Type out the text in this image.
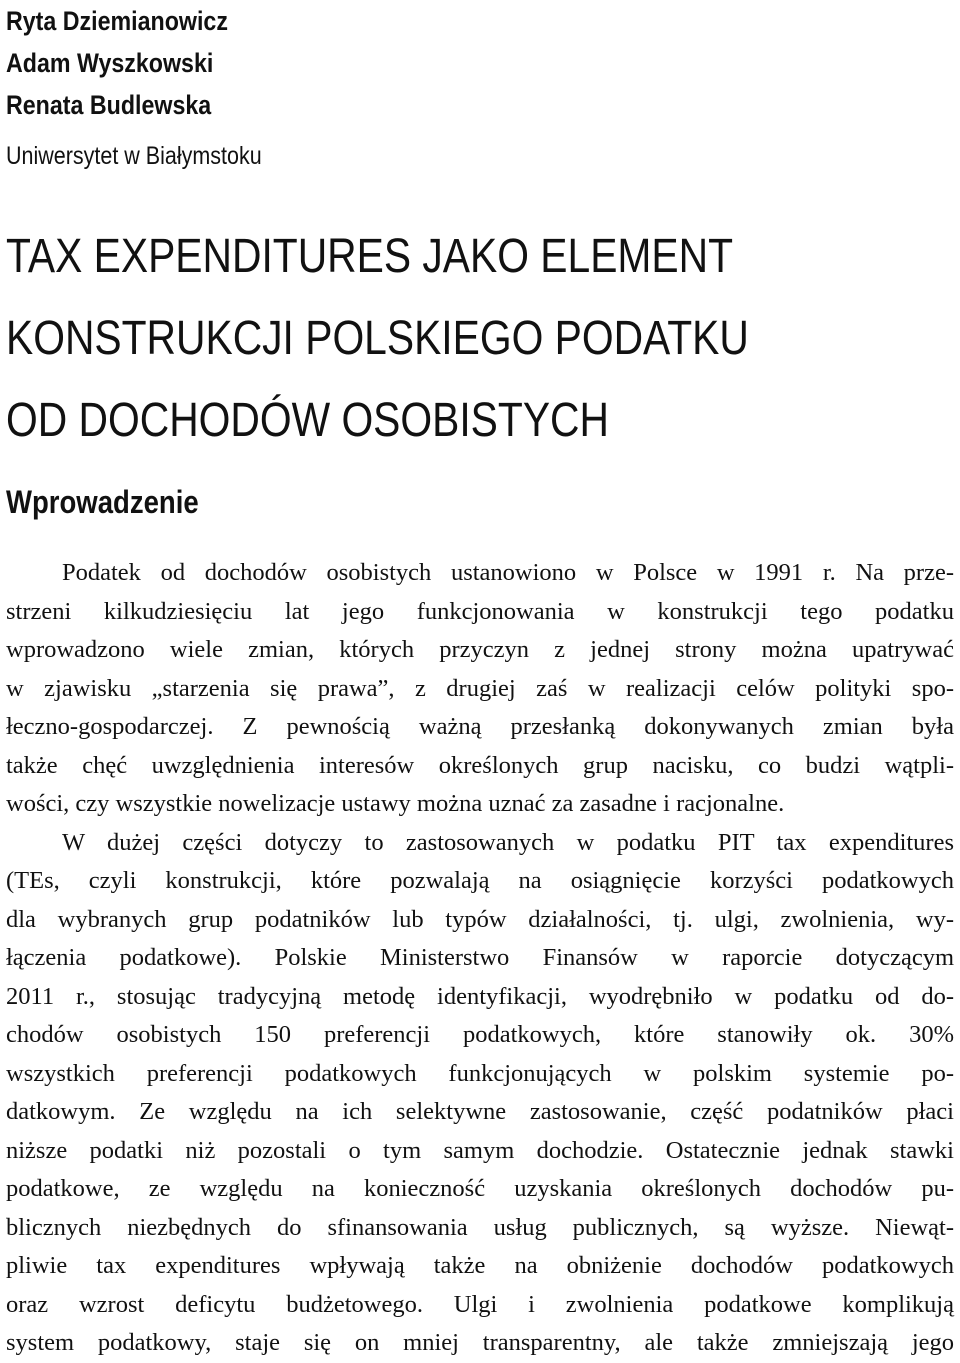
Ryta Dziemianowicz
Adam Wyszkowski
Renata Budlewska
Uniwersytet w Białymstoku
TAX EXPENDITURES JAKO ELEMENT
KONSTRUKCJI POLSKIEGO PODATKU
OD DOCHODÓW OSOBISTYCH
Wprowadzenie
Podatek od dochodów osobistych ustanowiono w Polsce w 1991 r. Na prze-
strzeni kilkudziesięciu lat jego funkcjonowania w konstrukcji tego podatku
wprowadzono wiele zmian, których przyczyn z jednej strony można upatrywać
w zjawisku „starzenia się prawa”, z drugiej zaś w realizacji celów polityki spo-
łeczno-gospodarczej. Z pewnością ważną przesłanką dokonywanych zmian była
także chęć uwzględnienia interesów określonych grup nacisku, co budzi wątpli-
wości, czy wszystkie nowelizacje ustawy można uznać za zasadne i racjonalne.
W dużej części dotyczy to zastosowanych w podatku PIT tax expenditures
(TEs, czyli konstrukcji, które pozwalają na osiągnięcie korzyści podatkowych
dla wybranych grup podatników lub typów działalności, tj. ulgi, zwolnienia, wy-
łączenia podatkowe). Polskie Ministerstwo Finansów w raporcie dotyczącym
2011 r., stosując tradycyjną metodę identyfikacji, wyodrębniło w podatku od do-
chodów osobistych 150 preferencji podatkowych, które stanowiły ok. 30%
wszystkich preferencji podatkowych funkcjonujących w polskim systemie po-
datkowym. Ze względu na ich selektywne zastosowanie, część podatników płaci
niższe podatki niż pozostali o tym samym dochodzie. Ostatecznie jednak stawki
podatkowe, ze względu na konieczność uzyskania określonych dochodów pu-
blicznych niezbędnych do sfinansowania usług publicznych, są wyższe. Niewąt-
pliwie tax expenditures wpływają także na obniżenie dochodów podatkowych
oraz wzrost deficytu budżetowego. Ulgi i zwolnienia podatkowe komplikują
system podatkowy, staje się on mniej transparentny, ale także zmniejszają jego
